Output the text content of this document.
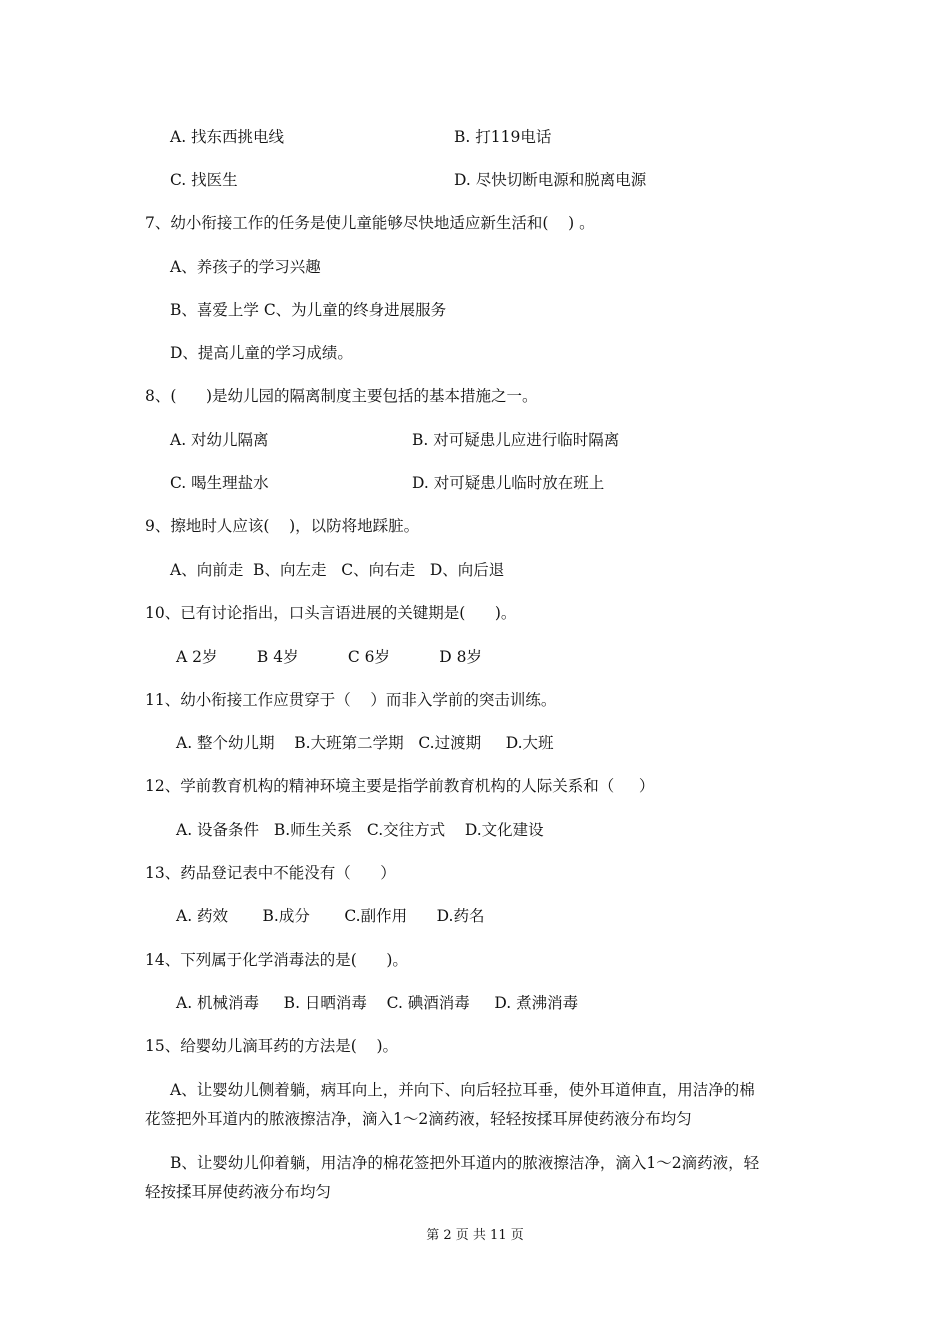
A. 找东西挑电线	B. 打119电话
C. 找医生	D. 尽快切断电源和脱离电源
7、幼小衔接工作的任务是使儿童能够尽快地适应新生活和(    ) 。
A、养孩子的学习兴趣
B、喜爱上学 C、为儿童的终身进展服务
D、提高儿童的学习成绩。
8、(      )是幼儿园的隔离制度主要包括的基本措施之一。
A. 对幼儿隔离	B. 对可疑患儿应进行临时隔离
C. 喝生理盐水	D. 对可疑患儿临时放在班上
9、擦地时人应该(    )，以防将地踩脏。
A、向前走  B、向左走   C、向右走   D、向后退
10、已有讨论指出，口头言语进展的关键期是(      )。
A 2岁        B 4岁          C 6岁          D 8岁
11、幼小衔接工作应贯穿于（    ）而非入学前的突击训练。
A. 整个幼儿期    B.大班第二学期   C.过渡期     D.大班
12、学前教育机构的精神环境主要是指学前教育机构的人际关系和（     ）
A. 设备条件   B.师生关系   C.交往方式    D.文化建设
13、药品登记表中不能没有（      ）
A. 药效       B.成分       C.副作用      D.药名
14、下列属于化学消毒法的是(      )。
A. 机械消毒     B. 日晒消毒    C. 碘酒消毒     D. 煮沸消毒
15、给婴幼儿滴耳药的方法是(    )。
A、让婴幼儿侧着躺，病耳向上，并向下、向后轻拉耳垂，使外耳道伸直，用洁净的棉
花签把外耳道内的脓液擦洁净，滴入1～2滴药液，轻轻按揉耳屏使药液分布均匀
B、让婴幼儿仰着躺，用洁净的棉花签把外耳道内的脓液擦洁净，滴入1～2滴药液，轻
轻按揉耳屏使药液分布均匀
第 2 页 共 11 页
